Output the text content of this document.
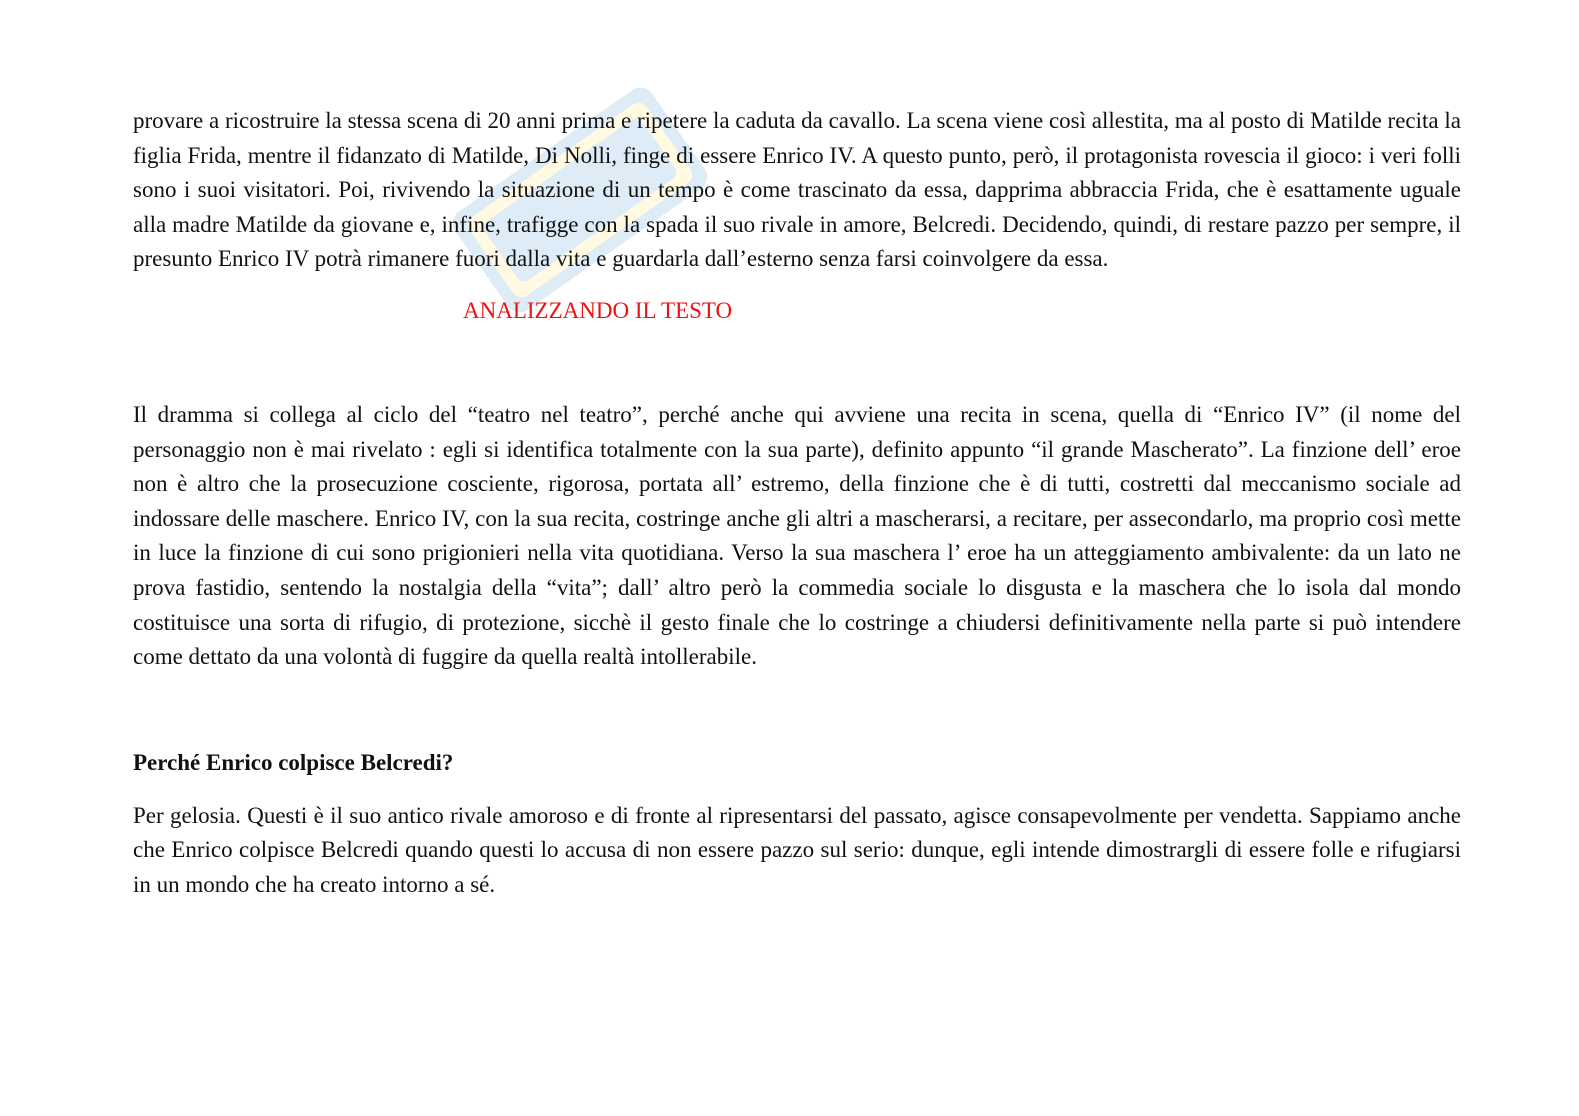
provare a ricostruire la stessa scena di 20 anni prima e ripetere la caduta da cavallo. La scena viene così allestita, ma al posto di Matilde recita la figlia Frida, mentre il fidanzato di Matilde, Di Nolli, finge di essere Enrico IV. A questo punto, però, il protagonista rovescia il gioco: i veri folli sono i suoi visitatori. Poi, rivivendo la situazione di un tempo è come trascinato da essa, dapprima abbraccia Frida, che è esattamente uguale alla madre Matilde da giovane e, infine, trafigge con la spada il suo rivale in amore, Belcredi. Decidendo, quindi, di restare pazzo per sempre, il presunto Enrico IV potrà rimanere fuori dalla vita e guardarla dall’esterno senza farsi coinvolgere da essa.

ANALIZZANDO IL TESTO

Il dramma si collega al ciclo del “teatro nel teatro”, perché anche qui avviene una recita in scena, quella di “Enrico IV” (il nome del personaggio non è mai rivelato : egli si identifica totalmente con la sua parte), definito appunto “il grande Mascherato”. La finzione dell’ eroe non è altro che la prosecuzione cosciente, rigorosa, portata all’ estremo, della finzione che è di tutti, costretti dal meccanismo sociale ad indossare delle maschere. Enrico IV, con la sua recita, costringe anche gli altri a mascherarsi, a recitare, per assecondarlo, ma proprio così mette in luce la finzione di cui sono prigionieri nella vita quotidiana. Verso la sua maschera l’ eroe ha un atteggiamento ambivalente: da un lato ne prova fastidio, sentendo la nostalgia della “vita”; dall’ altro però la commedia sociale lo disgusta e la maschera che lo isola dal mondo costituisce una sorta di rifugio, di protezione, sicchè il gesto finale che lo costringe a chiudersi definitivamente nella parte si può intendere come dettato da una volontà di fuggire da quella realtà intollerabile.

Perché Enrico colpisce Belcredi?

Per gelosia. Questi è il suo antico rivale amoroso e di fronte al ripresentarsi del passato, agisce consapevolmente per vendetta. Sappiamo anche che Enrico colpisce Belcredi quando questi lo accusa di non essere pazzo sul serio: dunque, egli intende dimostrargli di essere folle e rifugiarsi in un mondo che ha creato intorno a sé.
